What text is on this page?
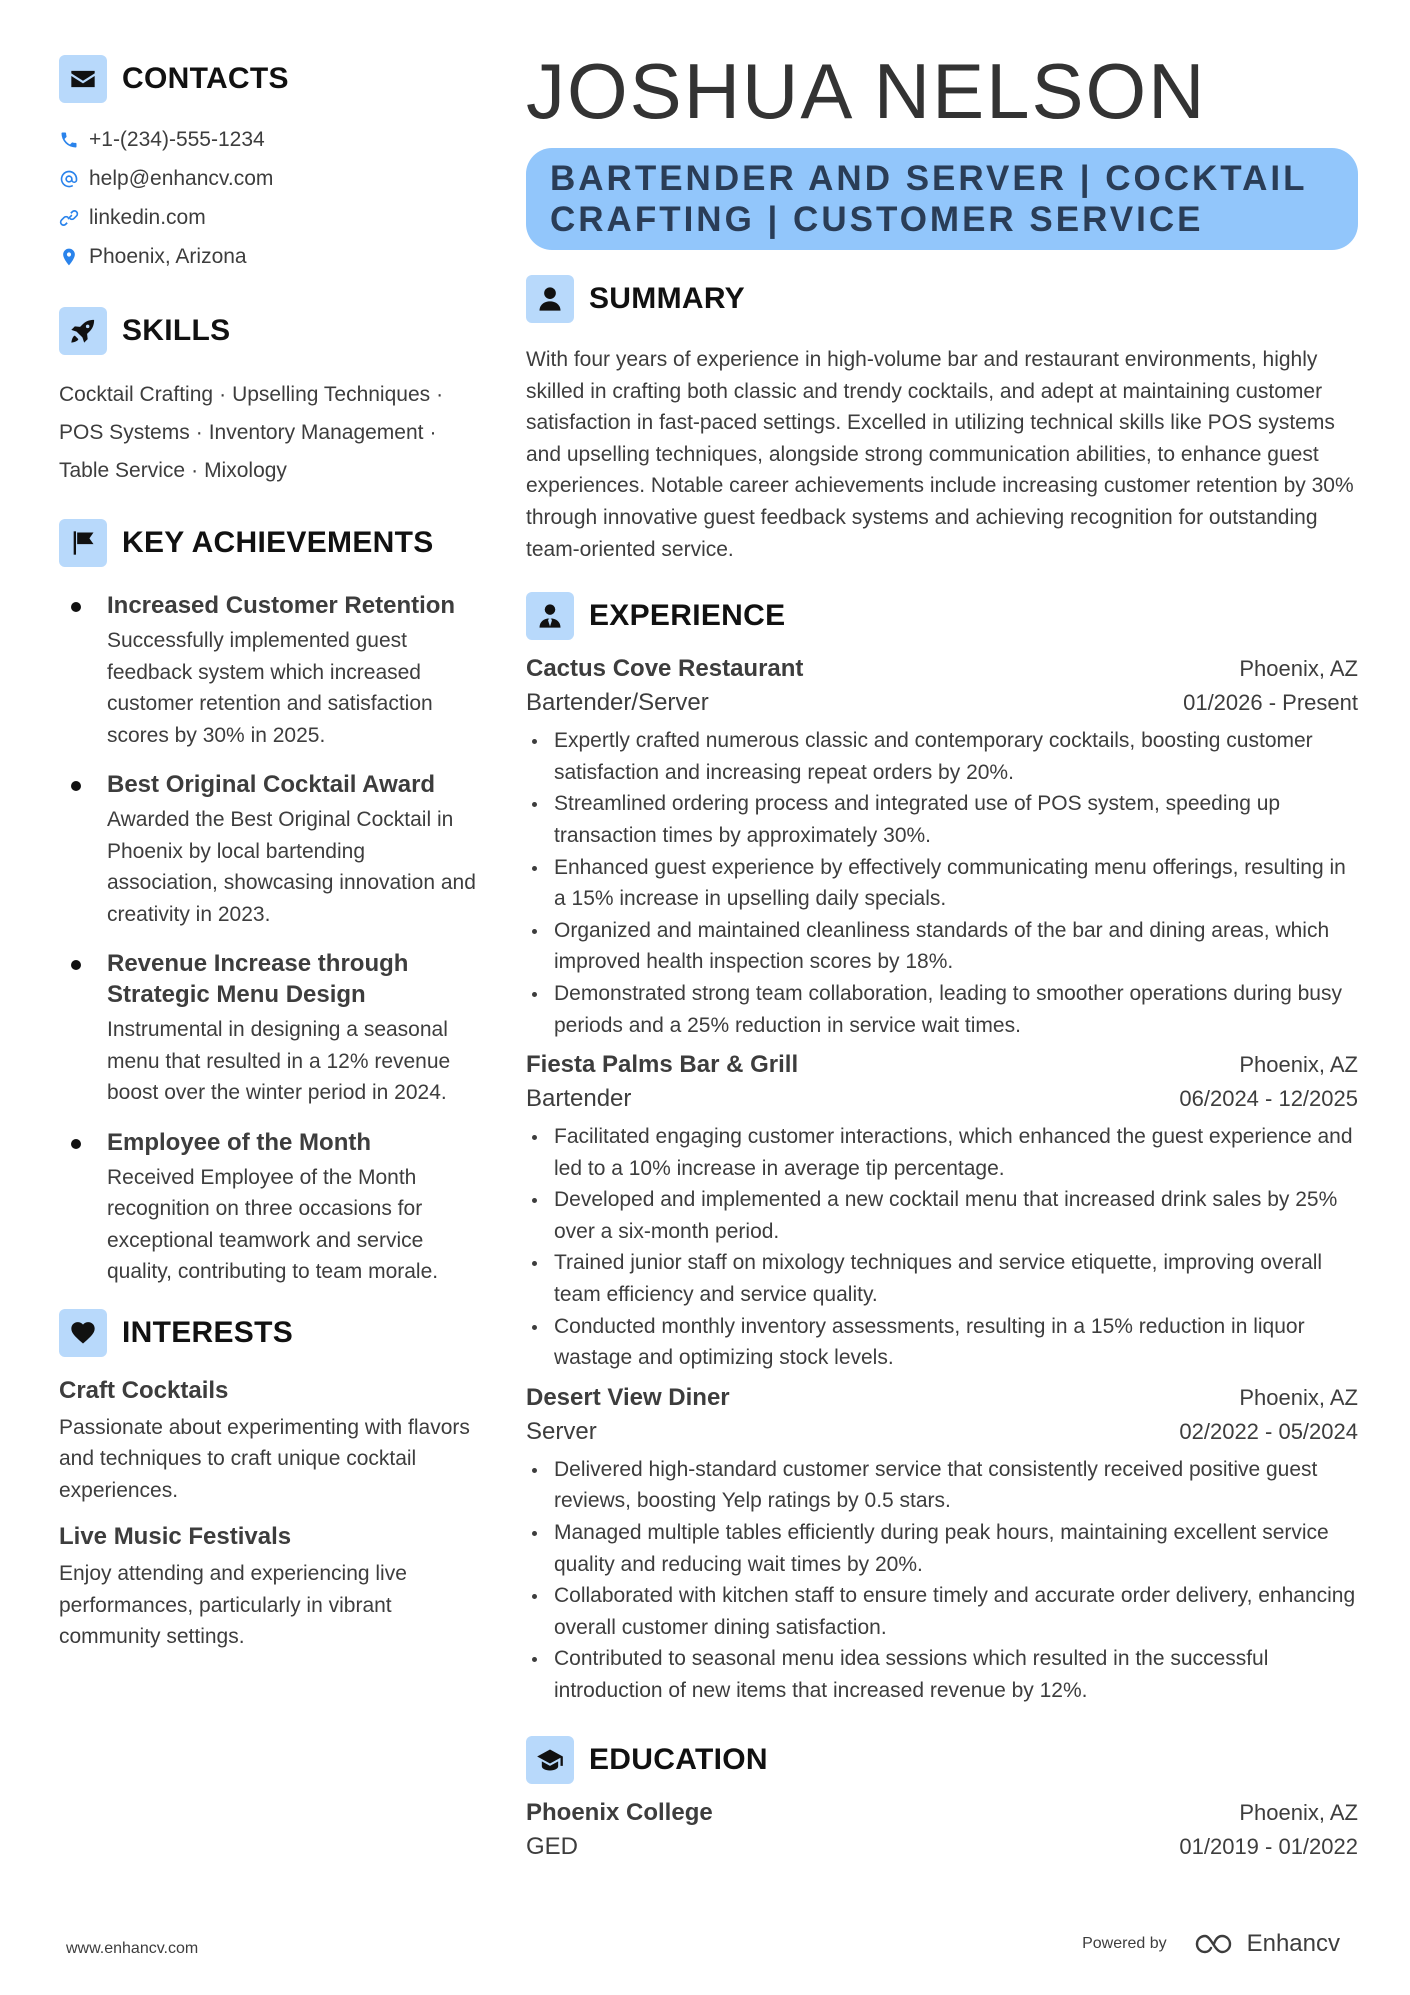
CONTACTS
+1-(234)-555-1234
help@enhancv.com
linkedin.com
Phoenix, Arizona
SKILLS
Cocktail Crafting · Upselling Techniques ·
POS Systems · Inventory Management ·
Table Service · Mixology
KEY ACHIEVEMENTS
Increased Customer Retention
Successfully implemented guest feedback system which increased customer retention and satisfaction scores by 30% in 2025.
Best Original Cocktail Award
Awarded the Best Original Cocktail in Phoenix by local bartending association, showcasing innovation and creativity in 2023.
Revenue Increase through Strategic Menu Design
Instrumental in designing a seasonal menu that resulted in a 12% revenue boost over the winter period in 2024.
Employee of the Month
Received Employee of the Month recognition on three occasions for exceptional teamwork and service quality, contributing to team morale.
INTERESTS
Craft Cocktails
Passionate about experimenting with flavors and techniques to craft unique cocktail experiences.
Live Music Festivals
Enjoy attending and experiencing live performances, particularly in vibrant community settings.
JOSHUA NELSON
BARTENDER AND SERVER | COCKTAIL CRAFTING | CUSTOMER SERVICE
SUMMARY
With four years of experience in high-volume bar and restaurant environments, highly skilled in crafting both classic and trendy cocktails, and adept at maintaining customer satisfaction in fast-paced settings. Excelled in utilizing technical skills like POS systems and upselling techniques, alongside strong communication abilities, to enhance guest experiences. Notable career achievements include increasing customer retention by 30% through innovative guest feedback systems and achieving recognition for outstanding team-oriented service.
EXPERIENCE
Cactus Cove Restaurant	Phoenix, AZ
Bartender/Server	01/2026 - Present
Expertly crafted numerous classic and contemporary cocktails, boosting customer satisfaction and increasing repeat orders by 20%.
Streamlined ordering process and integrated use of POS system, speeding up transaction times by approximately 30%.
Enhanced guest experience by effectively communicating menu offerings, resulting in a 15% increase in upselling daily specials.
Organized and maintained cleanliness standards of the bar and dining areas, which improved health inspection scores by 18%.
Demonstrated strong team collaboration, leading to smoother operations during busy periods and a 25% reduction in service wait times.
Fiesta Palms Bar & Grill	Phoenix, AZ
Bartender	06/2024 - 12/2025
Facilitated engaging customer interactions, which enhanced the guest experience and led to a 10% increase in average tip percentage.
Developed and implemented a new cocktail menu that increased drink sales by 25% over a six-month period.
Trained junior staff on mixology techniques and service etiquette, improving overall team efficiency and service quality.
Conducted monthly inventory assessments, resulting in a 15% reduction in liquor wastage and optimizing stock levels.
Desert View Diner	Phoenix, AZ
Server	02/2022 - 05/2024
Delivered high-standard customer service that consistently received positive guest reviews, boosting Yelp ratings by 0.5 stars.
Managed multiple tables efficiently during peak hours, maintaining excellent service quality and reducing wait times by 20%.
Collaborated with kitchen staff to ensure timely and accurate order delivery, enhancing overall customer dining satisfaction.
Contributed to seasonal menu idea sessions which resulted in the successful introduction of new items that increased revenue by 12%.
EDUCATION
Phoenix College	Phoenix, AZ
GED	01/2019 - 01/2022
www.enhancv.com	Powered by	Enhancv
